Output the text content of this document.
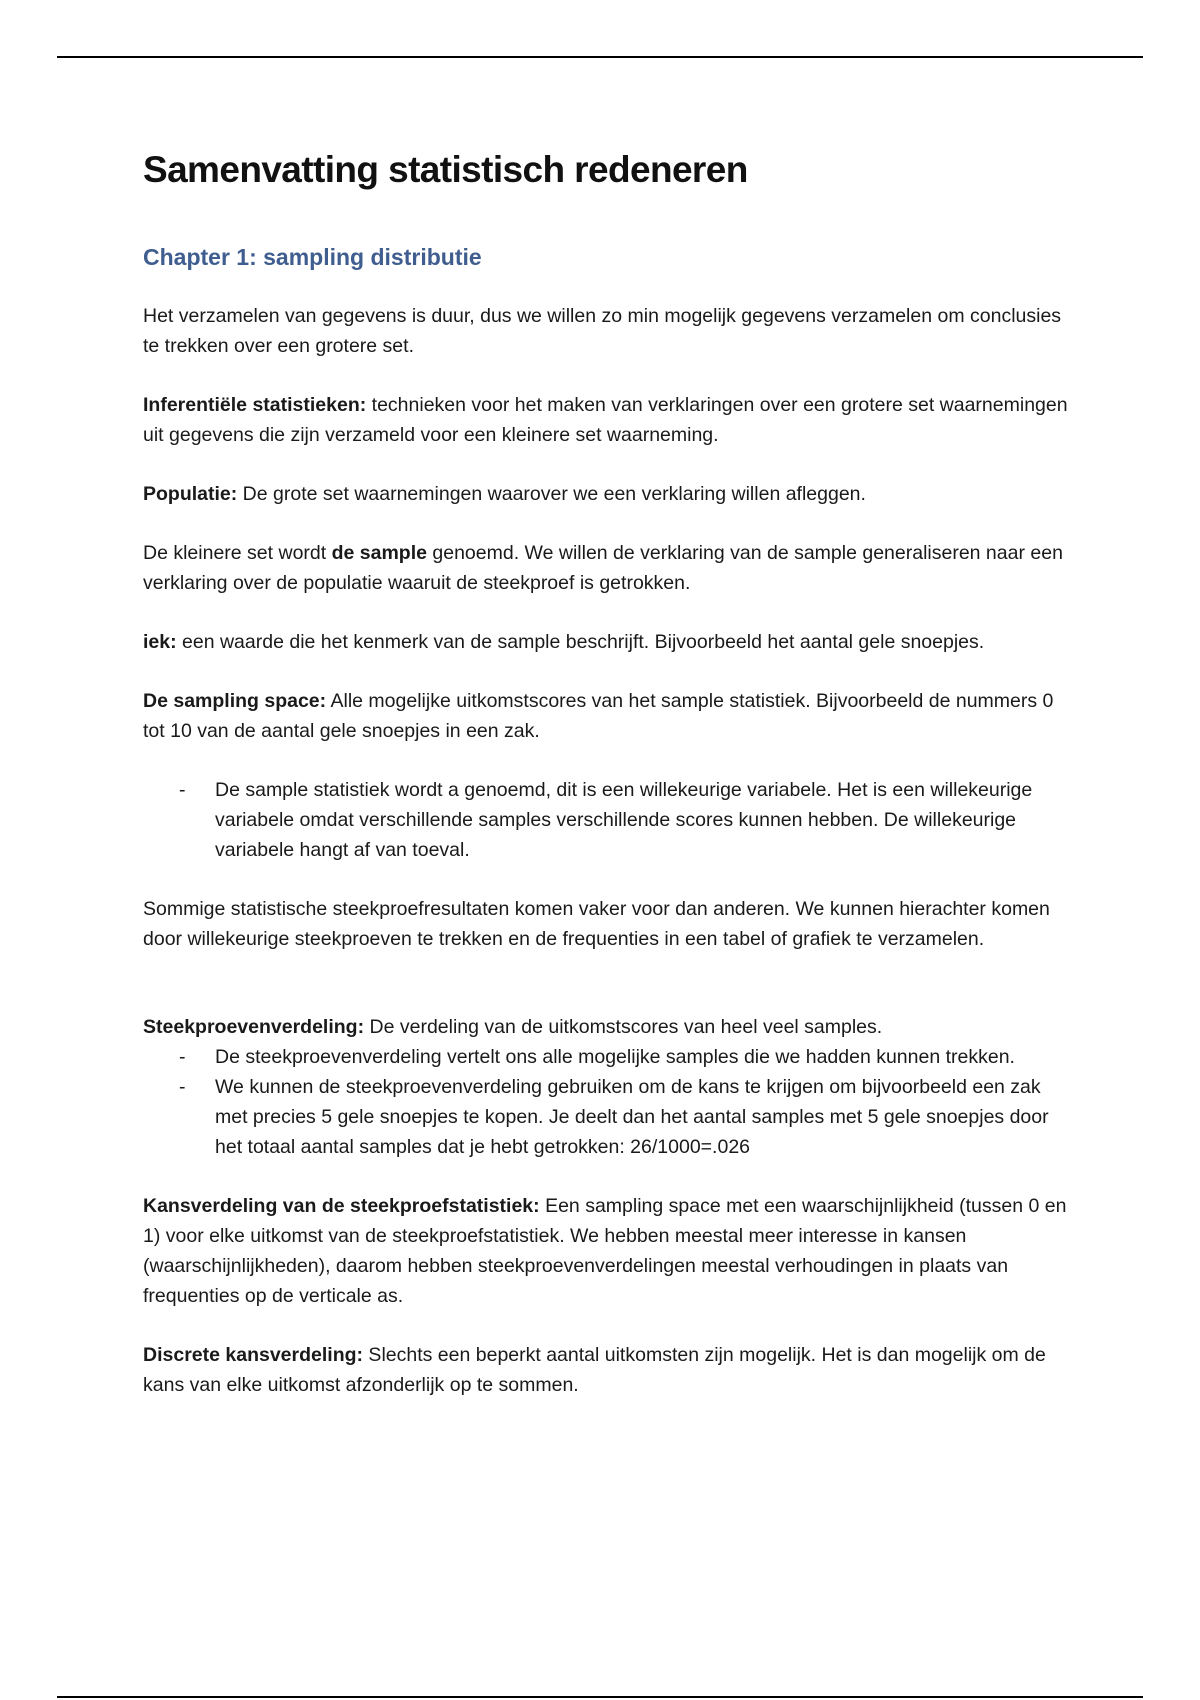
Samenvatting statistisch redeneren
Chapter 1: sampling distributie

Het verzamelen van gegevens is duur, dus we willen zo min mogelijk gegevens verzamelen om conclusies te trekken over een grotere set.

Inferentiële statistieken: technieken voor het maken van verklaringen over een grotere set waarnemingen uit gegevens die zijn verzameld voor een kleinere set waarneming.

Populatie: De grote set waarnemingen waarover we een verklaring willen afleggen.

De kleinere set wordt de sample genoemd. We willen de verklaring van de sample generaliseren naar een verklaring over de populatie waaruit de steekproef is getrokken.

iek: een waarde die het kenmerk van de sample beschrijft. Bijvoorbeeld het aantal gele snoepjes.

De sampling space: Alle mogelijke uitkomstscores van het sample statistiek. Bijvoorbeeld de nummers 0 tot 10 van de aantal gele snoepjes in een zak.

- De sample statistiek wordt a genoemd, dit is een willekeurige variabele. Het is een willekeurige variabele omdat verschillende samples verschillende scores kunnen hebben. De willekeurige variabele hangt af van toeval.

Sommige statistische steekproefresultaten komen vaker voor dan anderen. We kunnen hierachter komen door willekeurige steekproeven te trekken en de frequenties in een tabel of grafiek te verzamelen.

Steekproevenverdeling: De verdeling van de uitkomstscores van heel veel samples.

- De steekproevenverdeling vertelt ons alle mogelijke samples die we hadden kunnen trekken.
- We kunnen de steekproevenverdeling gebruiken om de kans te krijgen om bijvoorbeeld een zak met precies 5 gele snoepjes te kopen. Je deelt dan het aantal samples met 5 gele snoepjes door het totaal aantal samples dat je hebt getrokken: 26/1000=.026

Kansverdeling van de steekproefstatistiek: Een sampling space met een waarschijnlijkheid (tussen 0 en 1) voor elke uitkomst van de steekproefstatistiek. We hebben meestal meer interesse in kansen (waarschijnlijkheden), daarom hebben steekproevenverdelingen meestal verhoudingen in plaats van frequenties op de verticale as.

Discrete kansverdeling: Slechts een beperkt aantal uitkomsten zijn mogelijk. Het is dan mogelijk om de kans van elke uitkomst afzonderlijk op te sommen.
